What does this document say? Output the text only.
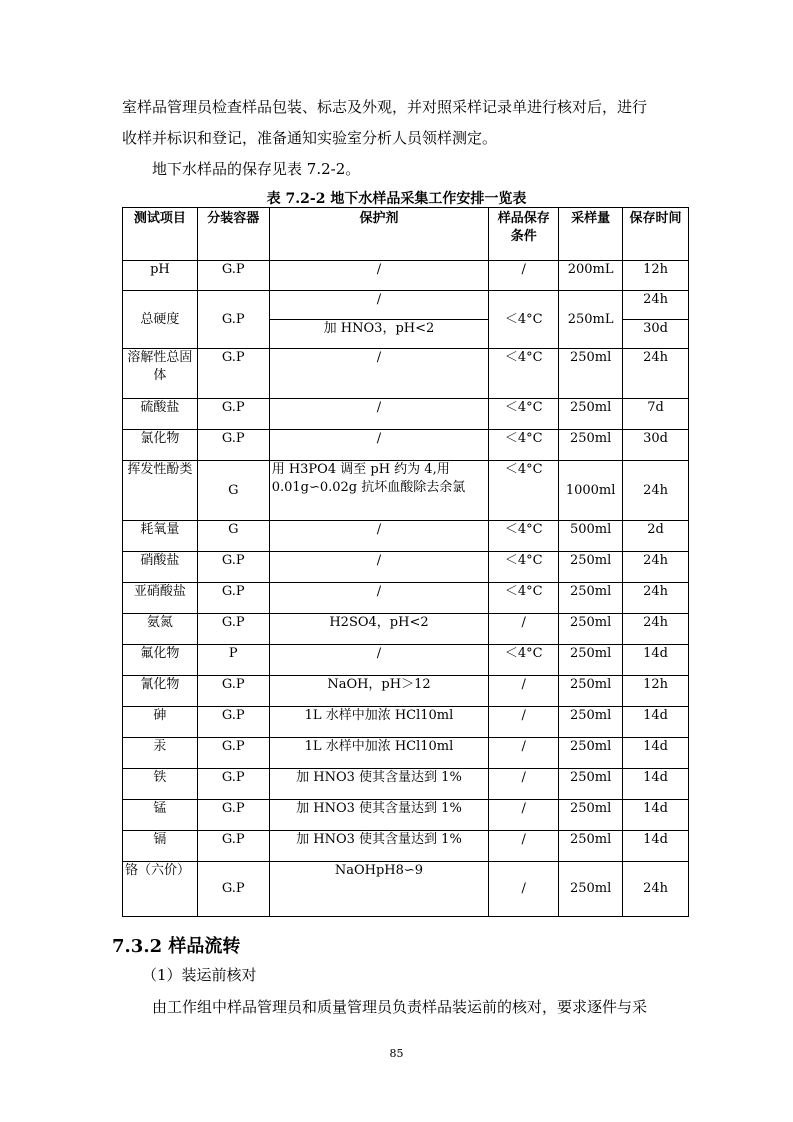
室样品管理员检查样品包装、标志及外观，并对照采样记录单进行核对后，进行
收样并标识和登记，准备通知实验室分析人员领样测定。
地下水样品的保存见表 7.2-2。
表 7.2-2 地下水样品采集工作安排一览表
测试项目	分装容器	保护剂	样品保存条件	采样量	保存时间
pH	G.P	/	/	200mL	12h
总硬度	G.P	/	＜4°C	250mL	24h
		加 HNO3，pH<2			30d
溶解性总固体	G.P	/	＜4°C	250ml	24h
硫酸盐	G.P	/	＜4°C	250ml	7d
氯化物	G.P	/	＜4°C	250ml	30d
挥发性酚类	G	用 H3PO4 调至 pH 约为 4,用 0.01g∽0.02g 抗坏血酸除去余氯	＜4°C	1000ml	24h
耗氧量	G	/	＜4°C	500ml	2d
硝酸盐	G.P	/	＜4°C	250ml	24h
亚硝酸盐	G.P	/	＜4°C	250ml	24h
氨氮	G.P	H2SO4，pH<2	/	250ml	24h
氟化物	P	/	＜4°C	250ml	14d
氰化物	G.P	NaOH，pH＞12	/	250ml	12h
砷	G.P	1L 水样中加浓 HCl10ml	/	250ml	14d
汞	G.P	1L 水样中加浓 HCl10ml	/	250ml	14d
铁	G.P	加 HNO3 使其含量达到 1%	/	250ml	14d
锰	G.P	加 HNO3 使其含量达到 1%	/	250ml	14d
镉	G.P	加 HNO3 使其含量达到 1%	/	250ml	14d
铬（六价）	G.P	NaOHpH8∽9	/	250ml	24h
7.3.2 样品流转
（1）装运前核对
由工作组中样品管理员和质量管理员负责样品装运前的核对，要求逐件与采
85
